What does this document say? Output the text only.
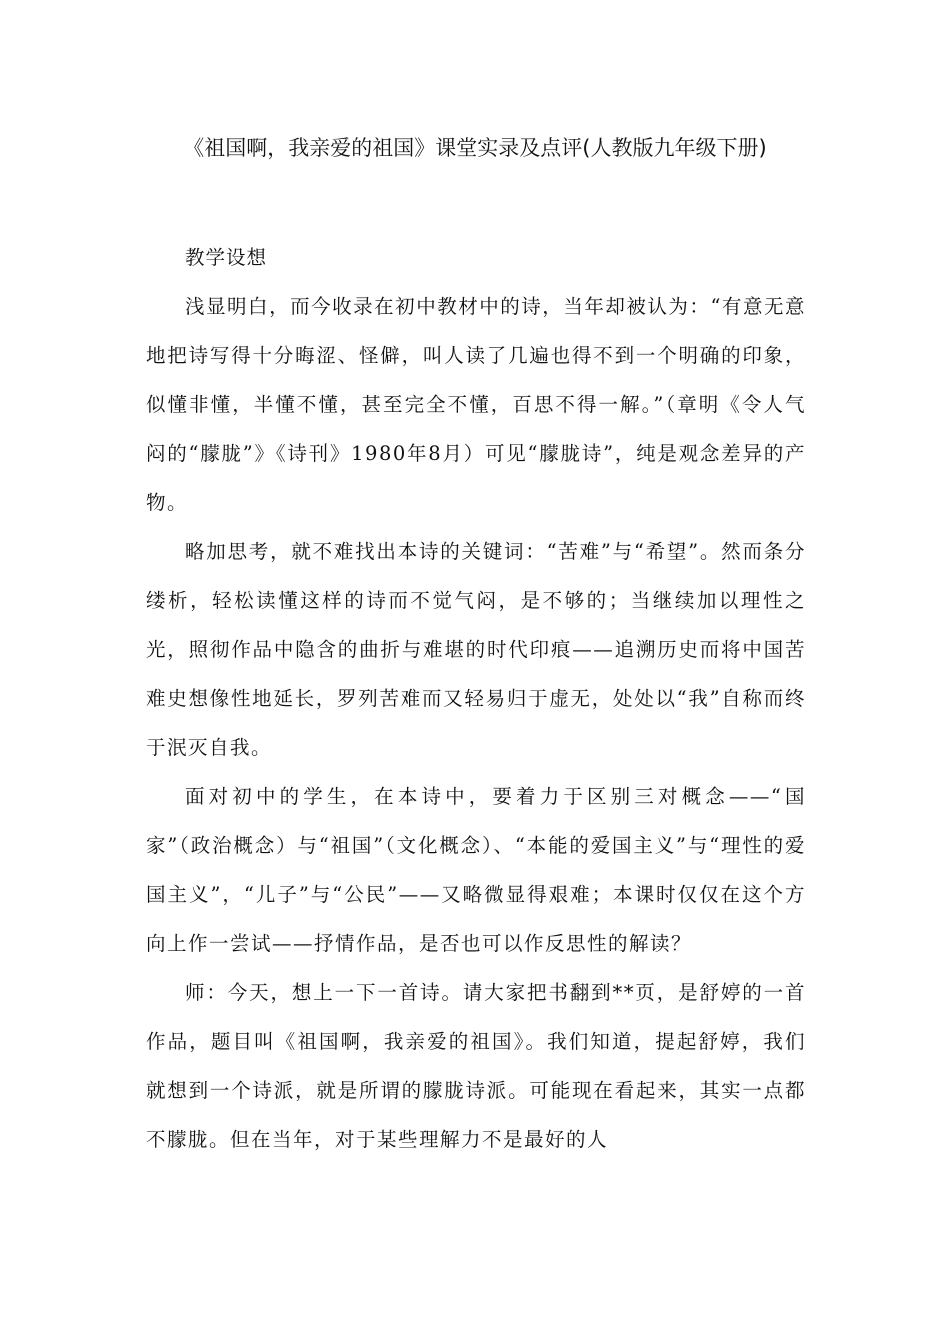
《祖国啊，我亲爱的祖国》课堂实录及点评(人教版九年级下册)

教学设想

浅显明白，而今收录在初中教材中的诗，当年却被认为：“有意无意地把诗写得十分晦涩、怪僻，叫人读了几遍也得不到一个明确的印象，似懂非懂，半懂不懂，甚至完全不懂，百思不得一解。”（章明《令人气闷的“朦胧”》《诗刊》1980年8月）可见“朦胧诗”，纯是观念差异的产物。

略加思考，就不难找出本诗的关键词：“苦难”与“希望”。然而条分缕析，轻松读懂这样的诗而不觉气闷，是不够的；当继续加以理性之光，照彻作品中隐含的曲折与难堪的时代印痕——追溯历史而将中国苦难史想像性地延长，罗列苦难而又轻易归于虚无，处处以“我”自称而终于泯灭自我。

面对初中的学生，在本诗中，要着力于区别三对概念——“国家”（政治概念）与“祖国”（文化概念）、“本能的爱国主义”与“理性的爱国主义”，“儿子”与“公民”——又略微显得艰难；本课时仅仅在这个方向上作一尝试——抒情作品，是否也可以作反思性的解读？

师：今天，想上一下一首诗。请大家把书翻到**页，是舒婷的一首作品，题目叫《祖国啊，我亲爱的祖国》。我们知道，提起舒婷，我们就想到一个诗派，就是所谓的朦胧诗派。可能现在看起来，其实一点都不朦胧。但在当年，对于某些理解力不是最好的人
